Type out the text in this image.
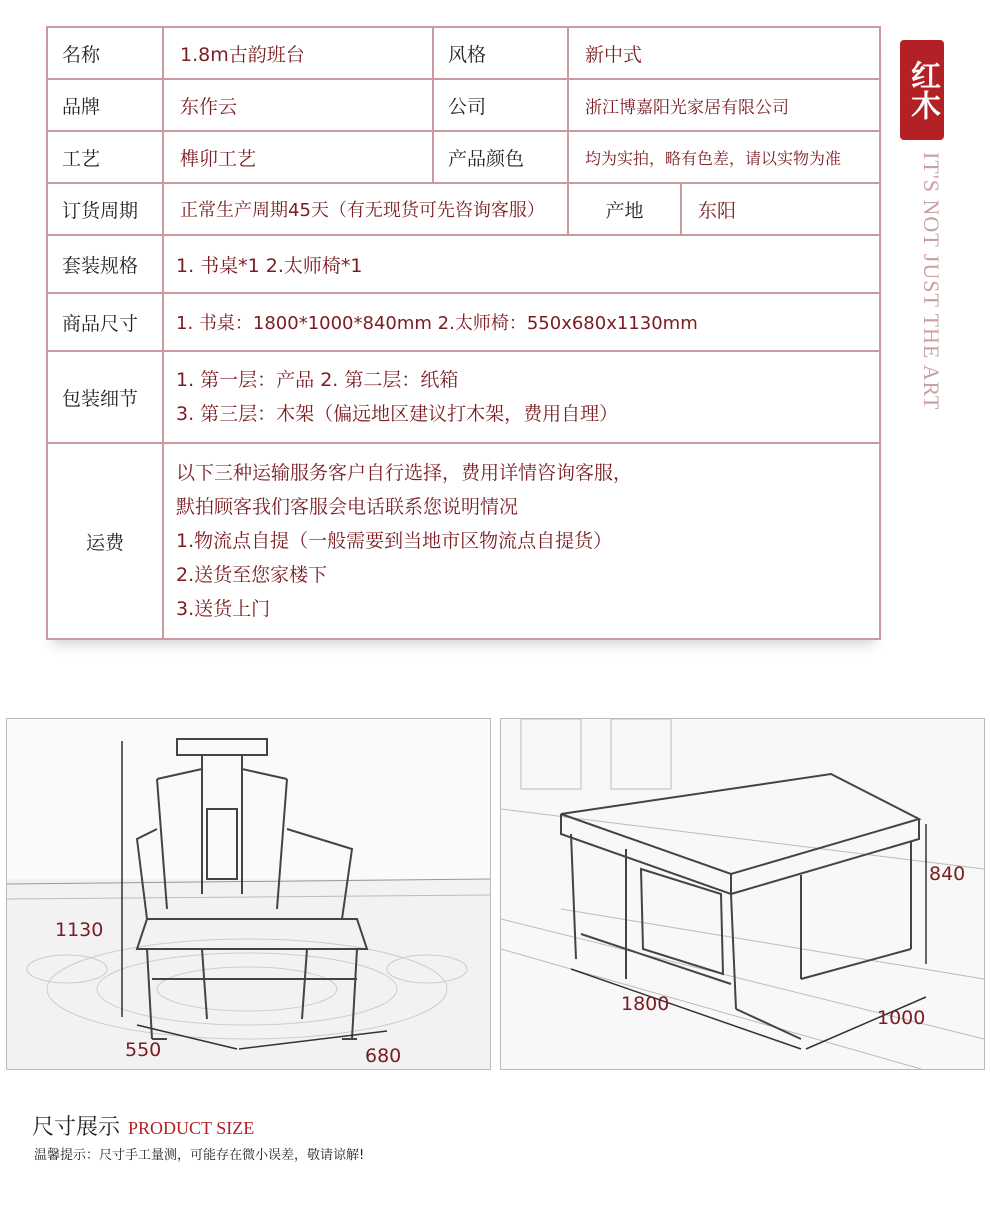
名称	1.8m古韵班台	风格	新中式	
品牌	东作云	公司	浙江博嘉阳光家居有限公司	
工艺	榫卯工艺	产品颜色	均为实拍，略有色差，请以实物为准	
订货周期	正常生产周期45天（有无现货可先咨询客服）		产地	东阳
套装规格	1. 书桌*1 2.太师椅*1			
商品尺寸	1. 书桌：1800*1000*840mm 2.太师椅：550x680x1130mm			
包装细节	1. 第一层：产品 2. 第二层：纸箱
3. 第三层：木架（偏远地区建议打木架，费用自理）			

运费	以下三种运输服务客户自行选择，费用详情咨询客服，
默拍顾客我们客服会电话联系您说明情况
1.物流点自提（一般需要到当地市区物流点自提货）
2.送货至您家楼下
3.送货上门			
红木
IT'S NOT JUST THE ART
1130
550	680
840
1800
1000
尺寸展示 PRODUCT SIZE
温馨提示：尺寸手工量测，可能存在微小误差，敬请谅解!
